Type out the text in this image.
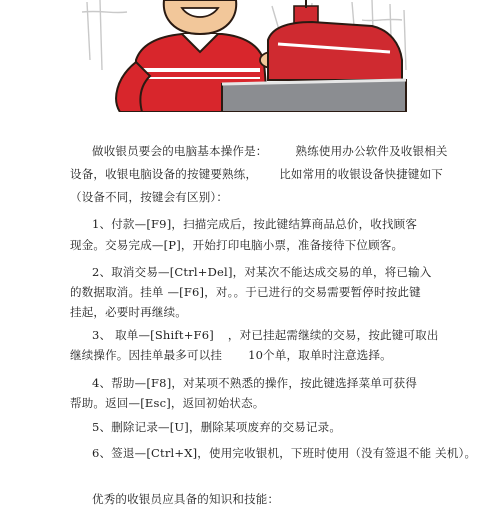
做收银员要会的电脑基本操作是： 熟练使用办公软件及收银相关
设备，收银电脑设备的按键要熟练， 比如常用的收银设备快捷键如下
（设备不同，按键会有区别）：
1、付款—[F9]，扫描完成后，按此键结算商品总价，收找顾客
现金。交易完成—[P]，开始打印电脑小票，准备接待下位顾客。
2、取消交易—[Ctrl+Del]，对某次不能达成交易的单，将已输入
的数据取消。挂单 —[F6]，对。。于已进行的交易需要暂停时按此键
挂起，必要时再继续。
3、 取单—[Shift+F6] ，对已挂起需继续的交易，按此键可取出
继续操作。因挂单最多可以挂 10个单，取单时注意选择。
4、帮助—[F8]，对某项不熟悉的操作，按此键选择菜单可获得
帮助。返回—[Esc]，返回初始状态。
5、删除记录—[U]，删除某项废弃的交易记录。
6、签退—[Ctrl+X]，使用完收银机，下班时使用（没有签退不能 关机）。
优秀的收银员应具备的知识和技能：
